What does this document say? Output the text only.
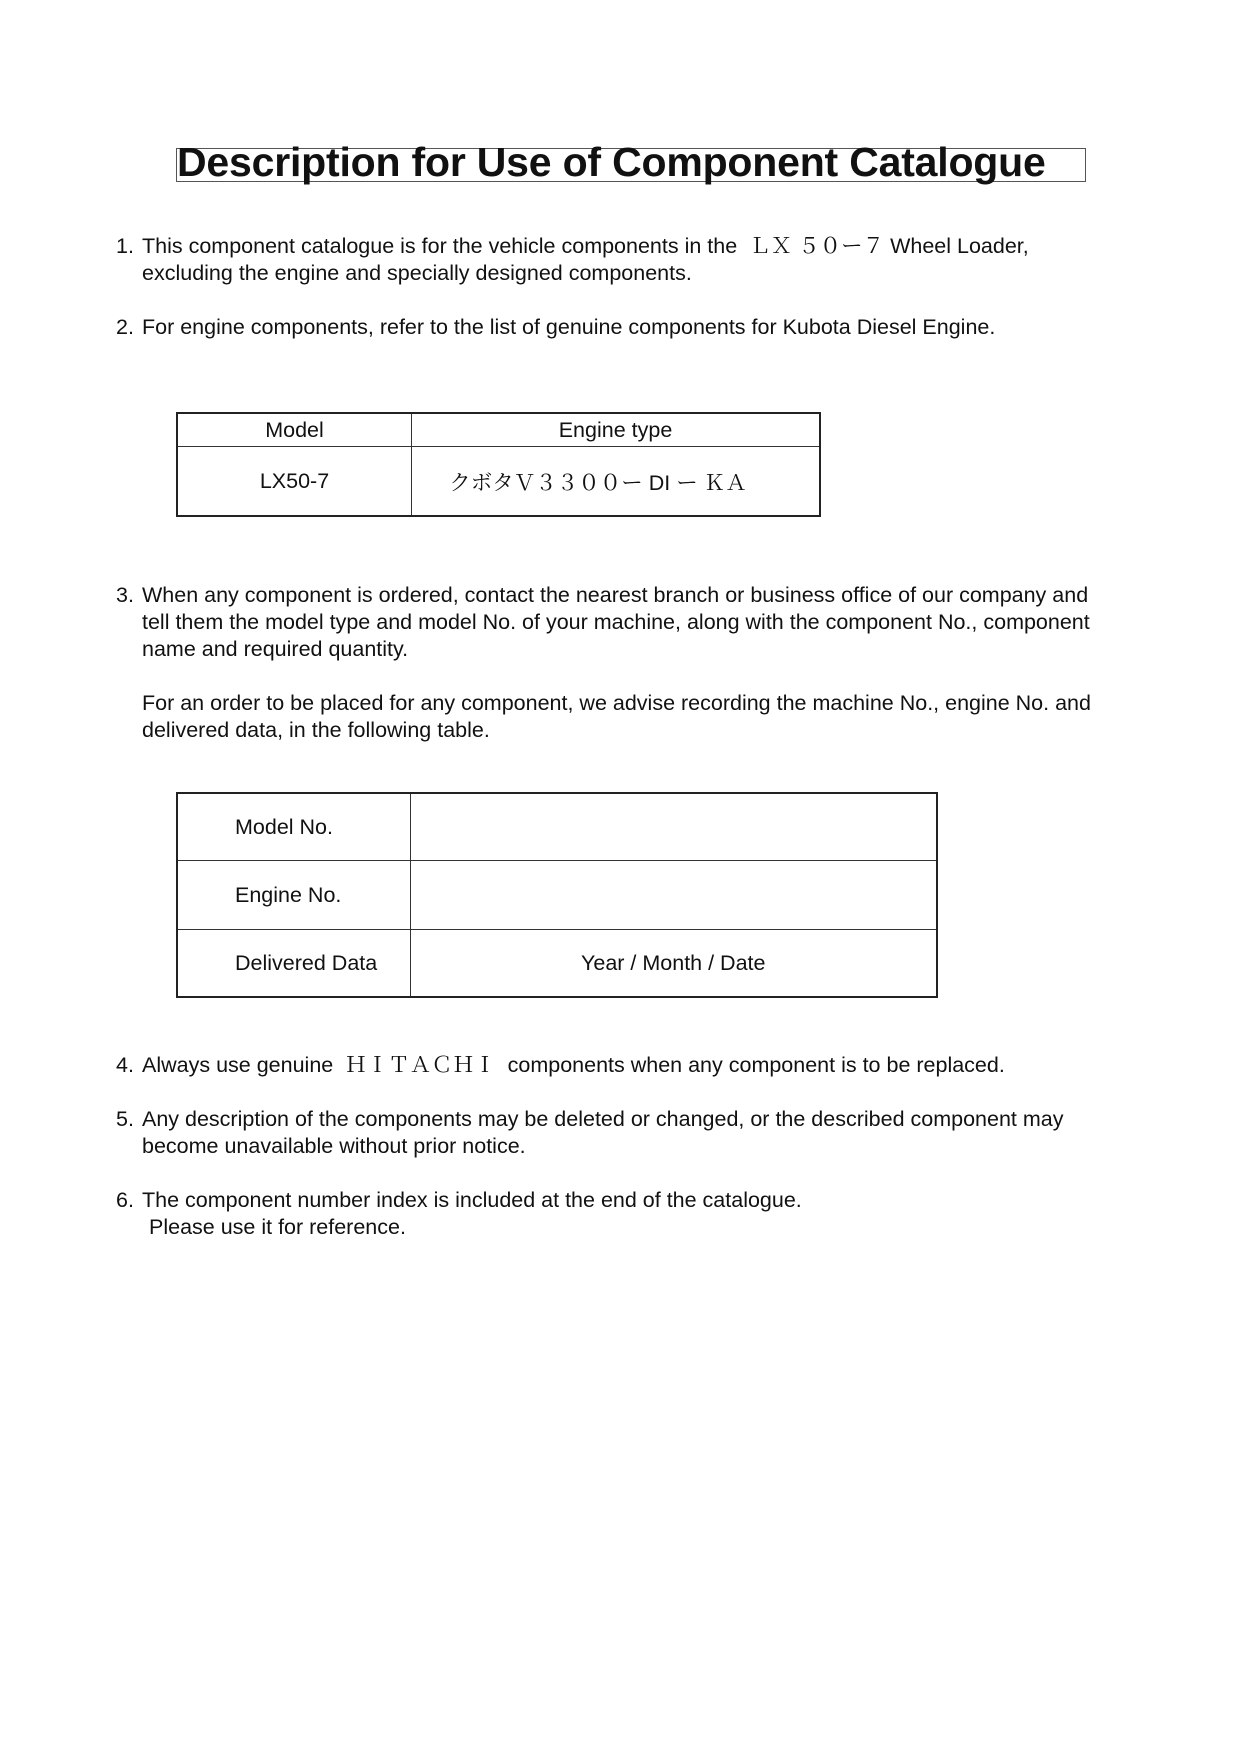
Description for Use of Component Catalogue
1. This component catalogue is for the vehicle components in the  ＬＸ ５０ー７ Wheel Loader,
excluding the engine and specially designed components.
2. For engine components, refer to the list of genuine components for Kubota Diesel Engine.
Model	Engine type
LX50-7	クボタＶ３３００ー DI ー ＫＡ
3. When any component is ordered, contact the nearest branch or business office of our company and
tell them the model type and model No. of your machine, along with the component No., component
name and required quantity.
For an order to be placed for any component, we advise recording the machine No., engine No. and
delivered data, in the following table.
Model No.	
Engine No.	
Delivered Data	Year / Month / Date
4. Always use genuine  ＨＩＴＡＣＨＩ  components when any component is to be replaced.
5. Any description of the components may be deleted or changed, or the described component may
become unavailable without prior notice.
6. The component number index is included at the end of the catalogue.
Please use it for reference.
